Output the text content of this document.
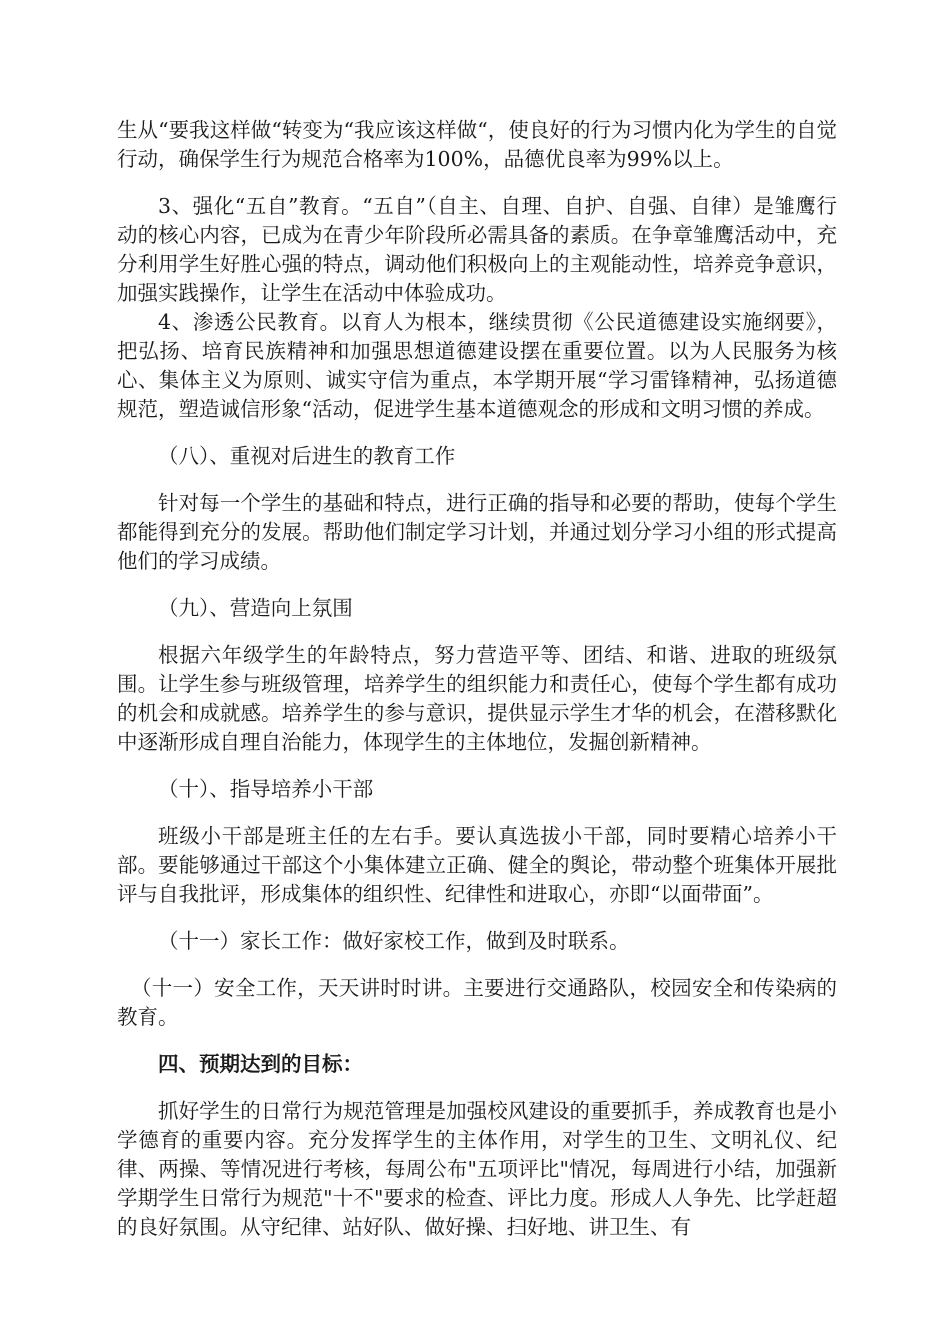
生从“要我这样做“转变为“我应该这样做“，使良好的行为习惯内化为学生的自觉行动，确保学生行为规范合格率为100%，品德优良率为99%以上。

3、强化“五自”教育。“五自”（自主、自理、自护、自强、自律）是雏鹰行动的核心内容，已成为在青少年阶段所必需具备的素质。在争章雏鹰活动中，充分利用学生好胜心强的特点，调动他们积极向上的主观能动性，培养竞争意识，加强实践操作，让学生在活动中体验成功。

4、渗透公民教育。以育人为根本，继续贯彻《公民道德建设实施纲要》，把弘扬、培育民族精神和加强思想道德建设摆在重要位置。以为人民服务为核心、集体主义为原则、诚实守信为重点，本学期开展“学习雷锋精神，弘扬道德规范，塑造诚信形象“活动，促进学生基本道德观念的形成和文明习惯的养成。

（八）、重视对后进生的教育工作

针对每一个学生的基础和特点，进行正确的指导和必要的帮助，使每个学生都能得到充分的发展。帮助他们制定学习计划，并通过划分学习小组的形式提高他们的学习成绩。

（九）、营造向上氛围

根据六年级学生的年龄特点，努力营造平等、团结、和谐、进取的班级氛围。让学生参与班级管理，培养学生的组织能力和责任心，使每个学生都有成功的机会和成就感。培养学生的参与意识，提供显示学生才华的机会，在潜移默化中逐渐形成自理自治能力，体现学生的主体地位，发掘创新精神。

（十）、指导培养小干部

班级小干部是班主任的左右手。要认真选拔小干部，同时要精心培养小干部。要能够通过干部这个小集体建立正确、健全的舆论，带动整个班集体开展批评与自我批评，形成集体的组织性、纪律性和进取心，亦即“以面带面”。

（十一）家长工作：做好家校工作，做到及时联系。

（十一）安全工作，天天讲时时讲。主要进行交通路队，校园安全和传染病的教育。

四、预期达到的目标：

抓好学生的日常行为规范管理是加强校风建设的重要抓手，养成教育也是小学德育的重要内容。充分发挥学生的主体作用，对学生的卫生、文明礼仪、纪律、两操、等情况进行考核，每周公布"五项评比"情况，每周进行小结，加强新学期学生日常行为规范"十不"要求的检查、评比力度。形成人人争先、比学赶超的良好氛围。从守纪律、站好队、做好操、扫好地、讲卫生、有
